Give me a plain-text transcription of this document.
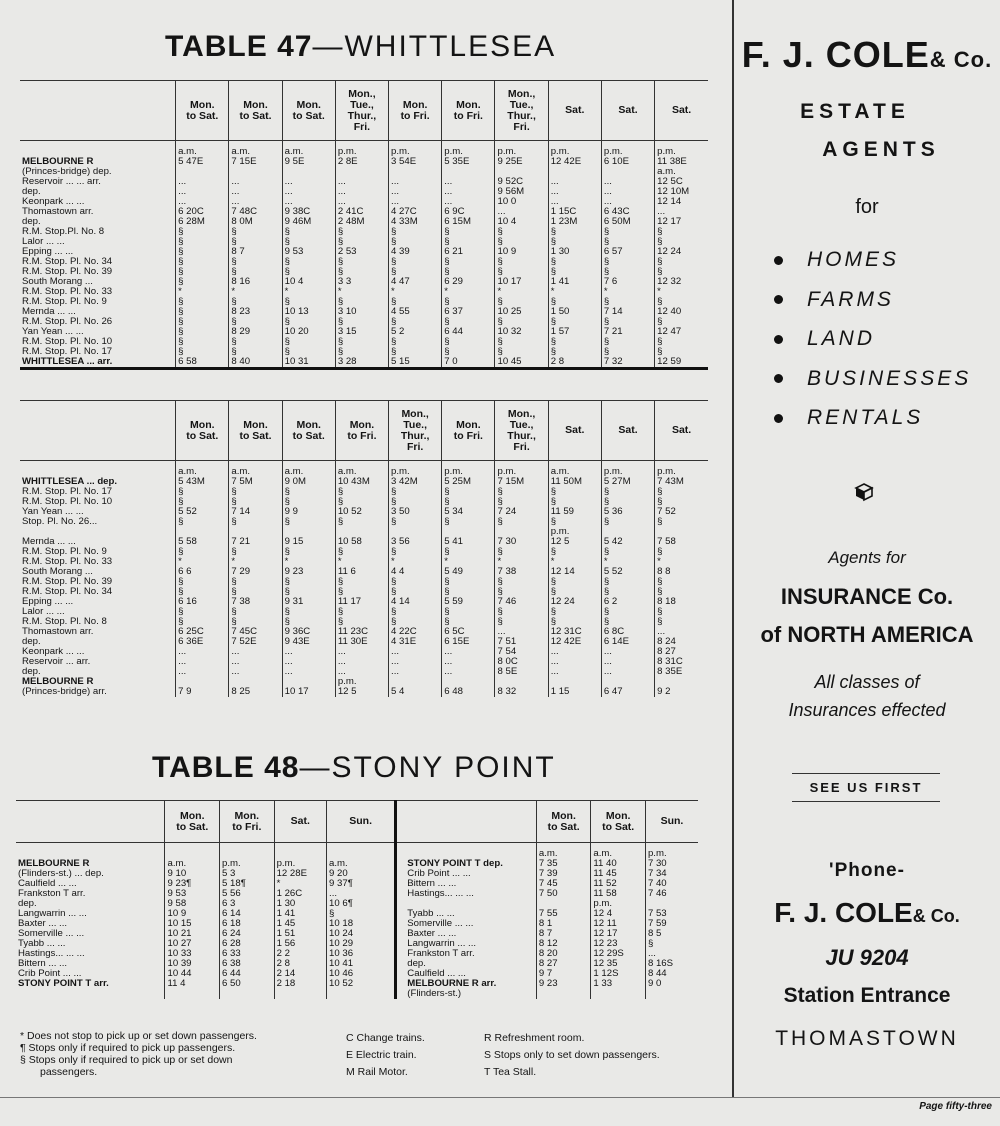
TABLE 47—WHITTLESEA
	Mon.
to Sat.	Mon.
to Sat.	Mon.
to Sat.	Mon.,
Tue.,
Thur.,
Fri.	Mon.
to Fri.	Mon.
to Fri.	Mon.,
Tue.,
Thur.,
Fri.	Sat.	Sat.	Sat.
	a.m.	a.m.	a.m.	p.m.	p.m.	p.m.	p.m.	p.m.	p.m.	p.m.
MELBOURNE R	5 47E	7 15E	9 5E	2 8E	3 54E	5 35E	9 25E	12 42E	6 10E	11 38E
(Princes-bridge) dep.										a.m.
Reservoir ... ... arr.	...	...	...	...	...	...	9 52C	...	...	12 5C
dep.	...	...	...	...	...	...	9 56M	...	...	12 10M
Keonpark ... ...	...	...	...	...	...	...	10 0	...	...	12 14
Thomastown arr.	6 20C	7 48C	9 38C	2 41C	4 27C	6 9C	...	1 15C	6 43C	...
dep.	6 28M	8 0M	9 46M	2 48M	4 33M	6 15M	10 4	1 23M	6 50M	12 17
R.M. Stop.Pl. No. 8	§	§	§	§	§	§	§	§	§	§
Lalor ... ...	§	§	§	§	§	§	§	§	§	§
Epping ... ...	§	8 7	9 53	2 53	4 39	6 21	10 9	1 30	6 57	12 24
R.M. Stop. Pl. No. 34	§	§	§	§	§	§	§	§	§	§
R.M. Stop. Pl. No. 39	§	§	§	§	§	§	§	§	§	§
South Morang ...	§	8 16	10 4	3 3	4 47	6 29	10 17	1 41	7 6	12 32
R.M. Stop. Pl. No. 33	*	*	*	*	*	*	*	*	*	*
R.M. Stop. Pl. No. 9	§	§	§	§	§	§	§	§	§	§
Mernda ... ...	§	8 23	10 13	3 10	4 55	6 37	10 25	1 50	7 14	12 40
R.M. Stop. Pl. No. 26	§	§	§	§	§	§	§	§	§	§
Yan Yean ... ...	§	8 29	10 20	3 15	5 2	6 44	10 32	1 57	7 21	12 47
R.M. Stop. Pl. No. 10	§	§	§	§	§	§	§	§	§	§
R.M. Stop. Pl. No. 17	§	§	§	§	§	§	§	§	§	§
WHITTLESEA ... arr.	6 58	8 40	10 31	3 28	5 15	7 0	10 45	2 8	7 32	12 59
	Mon.
to Sat.	Mon.
to Sat.	Mon.
to Sat.	Mon.
to Fri.	Mon.,
Tue.,
Thur.,
Fri.	Mon.
to Fri.	Mon.,
Tue.,
Thur.,
Fri.	Sat.	Sat.	Sat.
	a.m.	a.m.	a.m.	a.m.	p.m.	p.m.	p.m.	a.m.	p.m.	p.m.
WHITTLESEA ... dep.	5 43M	7 5M	9 0M	10 43M	3 42M	5 25M	7 15M	11 50M	5 27M	7 43M
R.M. Stop. Pl. No. 17	§	§	§	§	§	§	§	§	§	§
R.M. Stop. Pl. No. 10	§	§	§	§	§	§	§	§	§	§
Yan Yean ... ...	5 52	7 14	9 9	10 52	3 50	5 34	7 24	11 59	5 36	7 52
Stop. Pl. No. 26...	§	§	§	§	§	§	§	§	§	§
								p.m.		
Mernda ... ...	5 58	7 21	9 15	10 58	3 56	5 41	7 30	12 5	5 42	7 58
R.M. Stop. Pl. No. 9	§	§	§	§	§	§	§	§	§	§
R.M. Stop. Pl. No. 33	*	*	*	*	*	*	*	*	*	*
South Morang ...	6 6	7 29	9 23	11 6	4 4	5 49	7 38	12 14	5 52	8 8
R.M. Stop. Pl. No. 39	§	§	§	§	§	§	§	§	§	§
R.M. Stop. Pl. No. 34	§	§	§	§	§	§	§	§	§	§
Epping ... ...	6 16	7 38	9 31	11 17	4 14	5 59	7 46	12 24	6 2	8 18
Lalor ... ...	§	§	§	§	§	§	§	§	§	§
R.M. Stop. Pl. No. 8	§	§	§	§	§	§	§	§	§	§
Thomastown arr.	6 25C	7 45C	9 36C	11 23C	4 22C	6 5C	...	12 31C	6 8C	...
dep.	6 36E	7 52E	9 43E	11 30E	4 31E	6 15E	7 51	12 42E	6 14E	8 24
Keonpark ... ...	...	...	...	...	...	...	7 54	...	...	8 27
Reservoir ... arr.	...	...	...	...	...	...	8 0C	...	...	8 31C
dep.	...	...	...	...	...	...	8 5E	...	...	8 35E
MELBOURNE R				p.m.						
(Princes-bridge) arr.	7 9	8 25	10 17	12 5	5 4	6 48	8 32	1 15	6 47	9 2
TABLE 48—STONY POINT
	Mon.
to Sat.	Mon.
to Fri.	Sat.	Sun.		Mon.
to Sat.	Mon.
to Sat.	Sun.
						a.m.	a.m.	p.m.
MELBOURNE R	a.m.	p.m.	p.m.	a.m.	STONY POINT T dep.	7 35	11 40	7 30
(Flinders-st.) ... dep.	9 10	5 3	12 28E	9 20	Crib Point ... ...	7 39	11 45	7 34
Caulfield ... ...	9 23¶	5 18¶	*	9 37¶	Bittern ... ...	7 45	11 52	7 40
Frankston T arr.	9 53	5 56	1 26C	...	Hastings... ... ...	7 50	11 58	7 46
dep.	9 58	6 3	1 30	10 6¶			p.m.	
Langwarrin ... ...	10 9	6 14	1 41	§	Tyabb ... ...	7 55	12 4	7 53
Baxter ... ...	10 15	6 18	1 45	10 18	Somerville ... ...	8 1	12 11	7 59
Somerville ... ...	10 21	6 24	1 51	10 24	Baxter ... ...	8 7	12 17	8 5
Tyabb ... ...	10 27	6 28	1 56	10 29	Langwarrin ... ...	8 12	12 23	§
Hastings... ... ...	10 33	6 33	2 2	10 36	Frankston T arr.	8 20	12 29S	...
Bittern ... ...	10 39	6 38	2 8	10 41	dep.	8 27	12 35	8 16S
Crib Point ... ...	10 44	6 44	2 14	10 46	Caulfield ... ...	9 7	1 12S	8 44
STONY POINT T arr.	11 4	6 50	2 18	10 52	MELBOURNE R arr.	9 23	1 33	9 0
					(Flinders-st.)			
* Does not stop to pick up or set down passengers.
¶ Stops only if required to pick up passengers.
§ Stops only if required to pick up or set down
passengers.
C Change trains.
E Electric train.
M Rail Motor.
R Refreshment room.
S Stops only to set down passengers.
T Tea Stall.
F. J. COLE& Co.
ESTATE
AGENTS
for
HOMES
FARMS
LAND
BUSINESSES
RENTALS
Agents for
INSURANCE Co.
of NORTH AMERICA
All classes of
Insurances effected
SEE US FIRST
'Phone-
F. J. COLE& Co.
JU 9204
Station Entrance
THOMASTOWN
Page fifty-three
